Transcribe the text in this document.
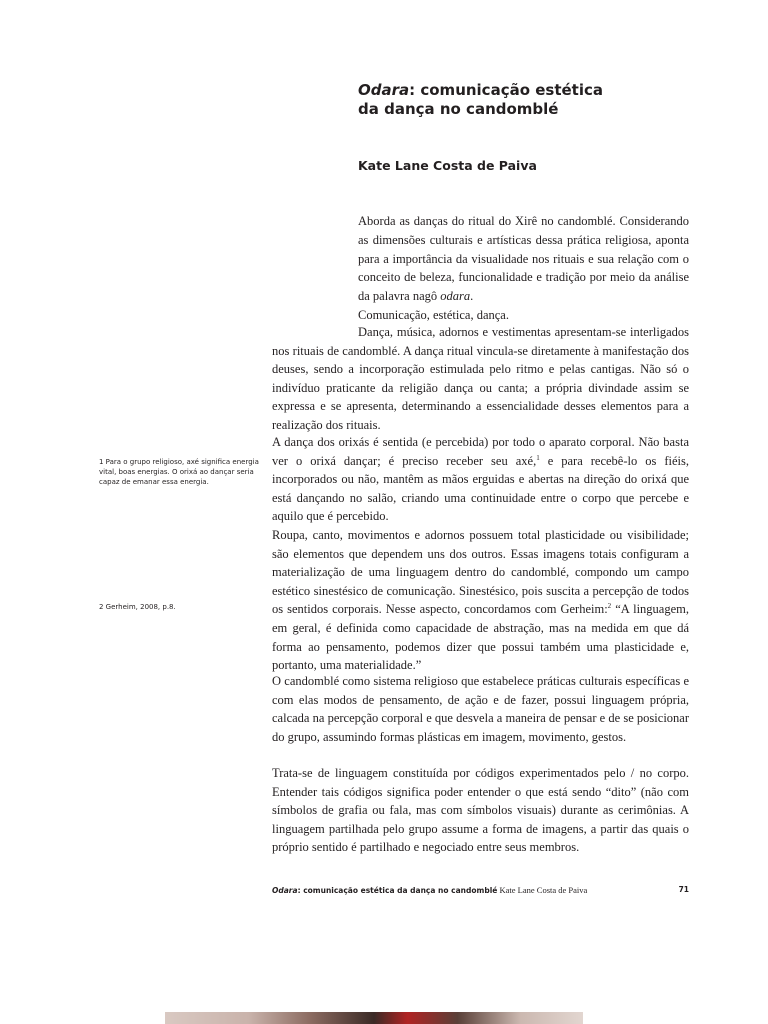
Odara: comunicação estética
da dança no candomblé
Kate Lane Costa de Paiva

Aborda as danças do ritual do Xirê no candomblé. Considerando as dimensões culturais e artísticas dessa prática religiosa, aponta para a importância da visualidade nos rituais e sua relação com o conceito de beleza, funcionalidade e tradição por meio da análise da palavra nagô odara.

Comunicação, estética, dança.

Dança, música, adornos e vestimentas apresentam-se interligados nos rituais de candomblé. A dança ritual vincula-se diretamente à manifestação dos deuses, sendo a incorporação estimulada pelo ritmo e pelas cantigas. Não só o indivíduo praticante da religião dança ou canta; a própria divindade assim se expressa e se apresenta, determinando a essencialidade desses elementos para a realização dos rituais.

A dança dos orixás é sentida (e percebida) por todo o aparato corporal. Não basta ver o orixá dançar; é preciso receber seu axé,$^1$ e para recebê-lo os fiéis, incorporados ou não, mantêm as mãos erguidas e abertas na direção do orixá que está dançando no salão, criando uma continuidade entre o corpo que percebe e aquilo que é percebido.

Roupa, canto, movimentos e adornos possuem total plasticidade ou visibilidade; são elementos que dependem uns dos outros. Essas imagens totais configuram a materialização de uma linguagem dentro do candomblé, compondo um campo estético sinestésico de comunicação. Sinestésico, pois suscita a percepção de todos os sentidos corporais. Nesse aspecto, concordamos com Gerheim:$^2$ “A linguagem, em geral, é definida como capacidade de abstração, mas na medida em que dá forma ao pensamento, podemos dizer que possui também uma plasticidade e, portanto, uma materialidade.”

O candomblé como sistema religioso que estabelece práticas culturais específicas e com elas modos de pensamento, de ação e de fazer, possui linguagem própria, calcada na percepção corporal e que desvela a maneira de pensar e de se posicionar do grupo, assumindo formas plásticas em imagem, movimento, gestos.

Trata-se de linguagem constituída por códigos experimentados pelo / no corpo. Entender tais códigos significa poder entender o que está sendo “dito” (não com símbolos de grafia ou fala, mas com símbolos visuais) durante as cerimônias. A linguagem partilhada pelo grupo assume a forma de imagens, a partir das quais o próprio sentido é partilhado e negociado entre seus membros.

1 Para o grupo religioso, axé significa energia vital, boas energias. O orixá ao dançar seria capaz de emanar essa energia.

2 Gerheim, 2008, p.8.

Odara: comunicação estética da dança no candomblé Kate Lane Costa de Paiva	71
